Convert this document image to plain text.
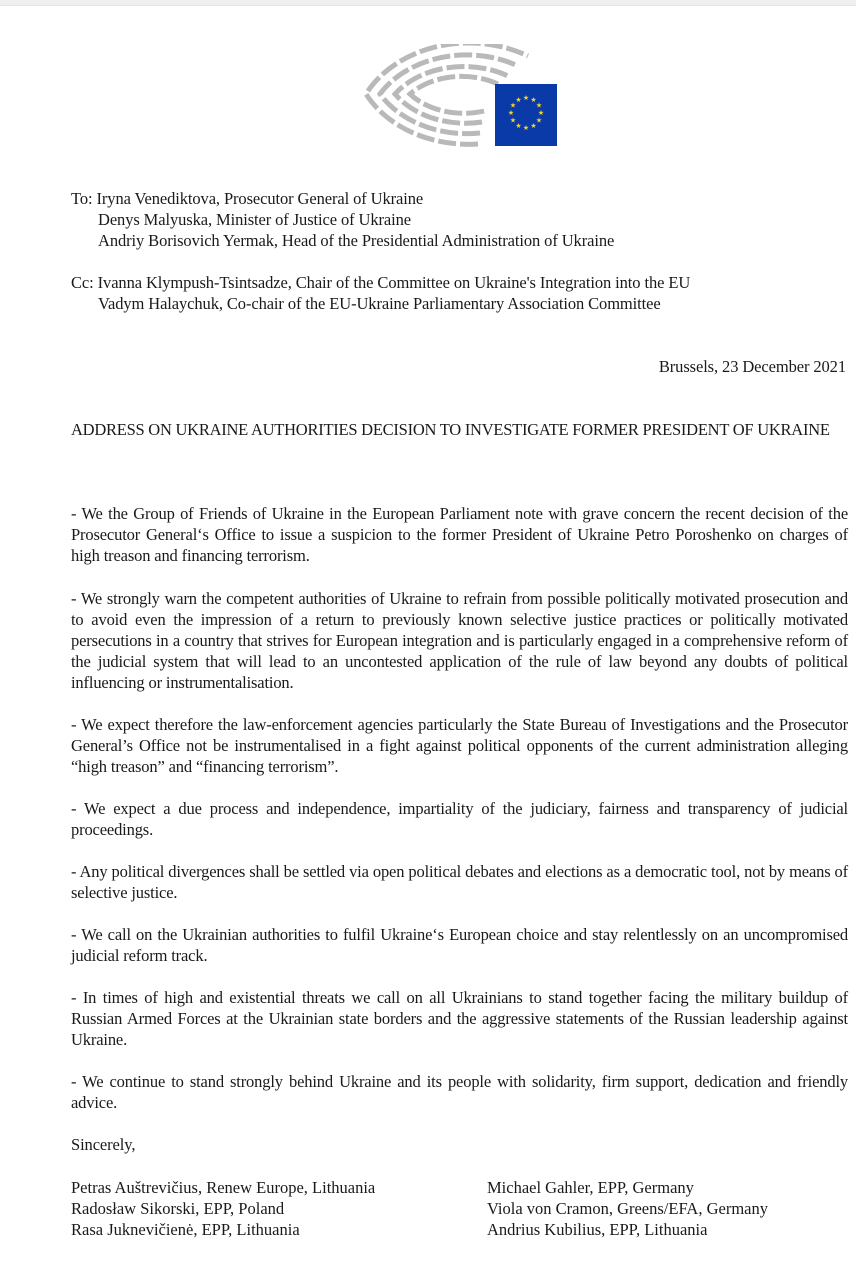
★ ★
★
★
★
★
★
★
★
★
★
★
To: Iryna Venediktova, Prosecutor General of Ukraine
Denys Malyuska, Minister of Justice of Ukraine
Andriy Borisovich Yermak, Head of the Presidential Administration of Ukraine
Cc: Ivanna Klympush-Tsintsadze, Chair of the Committee on Ukraine's Integration into the EU
Vadym Halaychuk, Co-chair of the EU-Ukraine Parliamentary Association Committee
Brussels, 23 December 2021
ADDRESS ON UKRAINE AUTHORITIES DECISION TO INVESTIGATE FORMER PRESIDENT OF UKRAINE
- We the Group of Friends of Ukraine in the European Parliament note with grave concern the recent decision of the Prosecutor General‘s Office to issue a suspicion to the former President of Ukraine Petro Poroshenko on charges of high treason and financing terrorism.
- We strongly warn the competent authorities of Ukraine to refrain from possible politically motivated prosecution and to avoid even the impression of a return to previously known selective justice practices or politically motivated persecutions in a country that strives for European integration and is particularly engaged in a comprehensive reform of the judicial system that will lead to an uncontested application of the rule of law beyond any doubts of political influencing or instrumentalisation.
- We expect therefore the law-enforcement agencies particularly the State Bureau of Investigations and the Prosecutor General’s Office not be instrumentalised in a fight against political opponents of the current administration alleging “high treason” and “financing terrorism”.
- We expect a due process and independence, impartiality of the judiciary, fairness and transparency of judicial proceedings.
- Any political divergences shall be settled via open political debates and elections as a democratic tool, not by means of selective justice.
- We call on the Ukrainian authorities to fulfil Ukraine‘s European choice and stay relentlessly on an uncompromised judicial reform track.
- In times of high and existential threats we call on all Ukrainians to stand together facing the military buildup of Russian Armed Forces at the Ukrainian state borders and the aggressive statements of the Russian leadership against Ukraine.
- We continue to stand strongly behind Ukraine and its people with solidarity, firm support, dedication and friendly advice.
Sincerely,
Petras Auštrevičius, Renew Europe, Lithuania
Radosław Sikorski, EPP, Poland
Rasa Juknevičienė, EPP, Lithuania
Michael Gahler, EPP, Germany
Viola von Cramon, Greens/EFA, Germany
Andrius Kubilius, EPP, Lithuania
